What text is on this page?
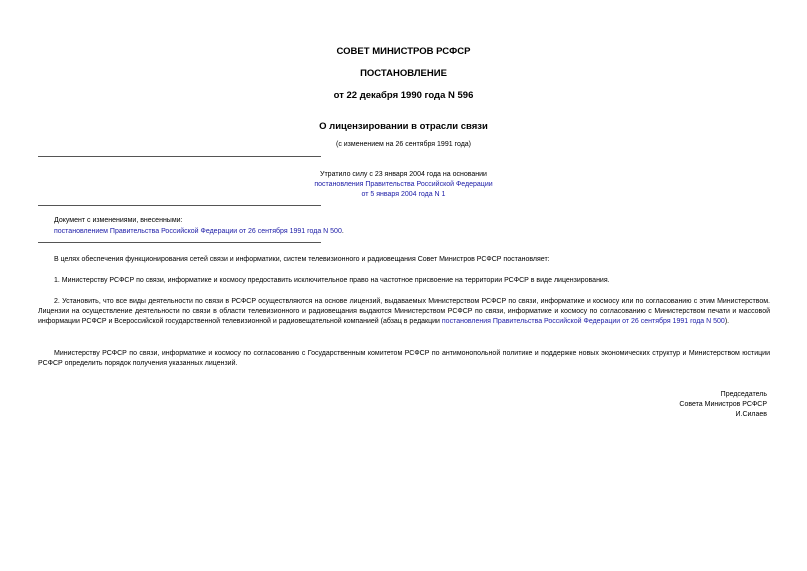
СОВЕТ МИНИСТРОВ РСФСР
ПОСТАНОВЛЕНИЕ
от 22 декабря 1990 года N 596
О лицензировании в отрасли связи
(с изменением на 26 сентября 1991 года)
Утратило силу с 23 января 2004 года на основании
постановления Правительства Российской Федерации
от 5 января 2004 года N 1
Документ с изменениями, внесенными:
постановлением Правительства Российской Федерации от 26 сентября 1991 года N 500.
В целях обеспечения функционирования сетей связи и информатики, систем телевизионного и радиовещания Совет Министров РСФСР постановляет:
1. Министерству РСФСР по связи, информатике и космосу предоставить исключительное право на частотное присвоение на территории РСФСР в виде лицензирования.
2. Установить, что все виды деятельности по связи в РСФСР осуществляются на основе лицензий, выдаваемых Министерством РСФСР по связи, информатике и космосу или по согласованию с этим Министерством. Лицензии на осуществление деятельности по связи в области телевизионного и радиовещания выдаются Министерством РСФСР по связи, информатике и космосу по согласованию с Министерством печати и массовой информации РСФСР и Всероссийской государственной телевизионной и радиовещательной компанией (абзац в редакции постановления Правительства Российской Федерации от 26 сентября 1991 года N 500).
Министерству РСФСР по связи, информатике и космосу по согласованию с Государственным комитетом РСФСР по антимонопольной политике и поддержке новых экономических структур и Министерством юстиции РСФСР определить порядок получения указанных лицензий.
Председатель
Совета Министров РСФСР
И.Силаев
